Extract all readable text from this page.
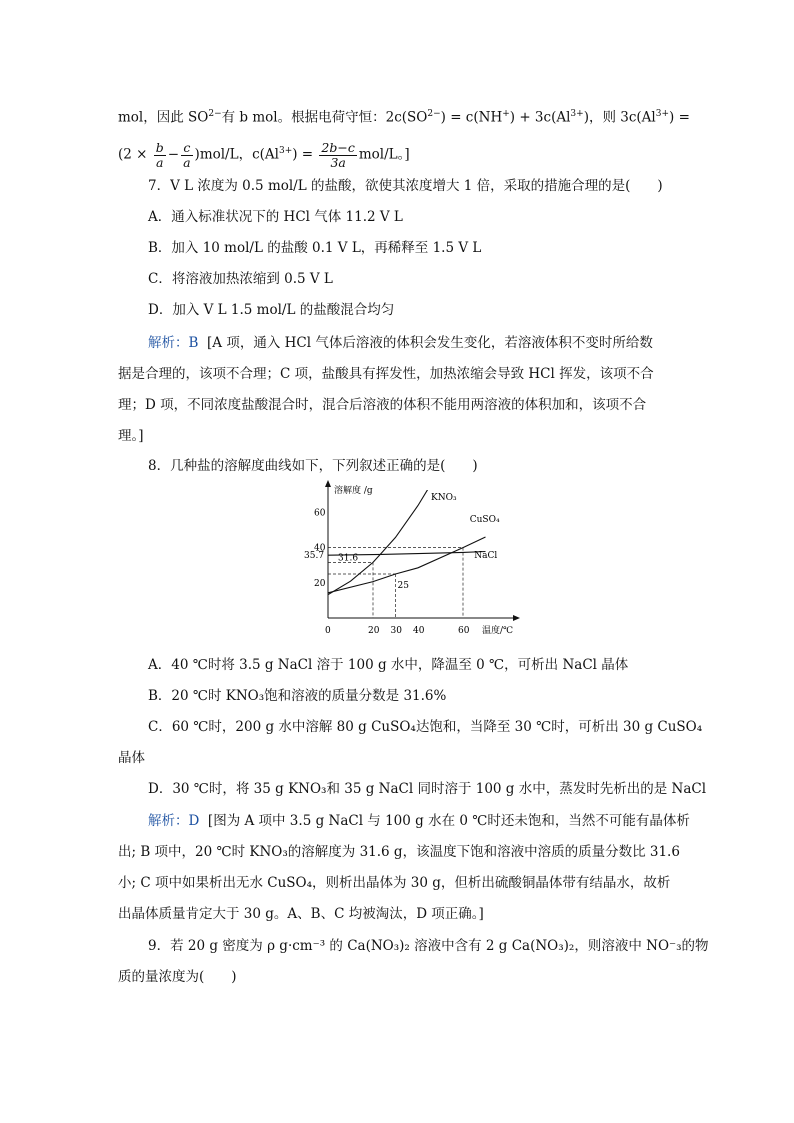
mol，因此 $SO^{2-}$有 b mol。根据电荷守恒：$2c(SO^{2-}) = c(NH^+) + 3c(Al^{3+})$，则 $3c(Al^{3+})$ =
$(2 \times \frac{b}{a} - \frac{c}{a} )mol/L$，$c(Al^{3+}) = \frac{2b-c}{3a} mol/L$。]
7．V L 浓度为 0.5 mol/L 的盐酸，欲使其浓度增大 1 倍，采取的措施合理的是(　　)
A．通入标准状况下的 HCl 气体 11.2 V L
B．加入 10 mol/L 的盐酸 0.1 V L，再稀释至 1.5 V L
C．将溶液加热浓缩到 0.5 V L
D．加入 V L 1.5 mol/L 的盐酸混合均匀
解析：B [A 项，通入 HCl 气体后溶液的体积会发生变化，若溶液体积不变时所给数
据是合理的，该项不合理；C 项，盐酸具有挥发性，加热浓缩会导致 HCl 挥发，该项不合
理；D 项，不同浓度盐酸混合时，混合后溶液的体积不能用两溶液的体积加和，该项不合
理。]
8．几种盐的溶解度曲线如下，下列叙述正确的是(　　)
溶解度 /g
温度/℃
0	20 30 40	60
20
35.7
40
60
KNO₃
CuSO₄
NaCl
31.6
25
A．40 ℃时将 3.5 g NaCl 溶于 100 g 水中，降温至 0 ℃，可析出 NaCl 晶体
B．20 ℃时 KNO₃饱和溶液的质量分数是 31.6%
C．60 ℃时，200 g 水中溶解 80 g CuSO₄达饱和，当降至 30 ℃时，可析出 30 g CuSO₄
晶体
D．30 ℃时，将 35 g KNO₃和 35 g NaCl 同时溶于 100 g 水中，蒸发时先析出的是 NaCl
解析：D [图为 A 项中 3.5 g NaCl 与 100 g 水在 0 ℃时还未饱和，当然不可能有晶体析
出; B 项中，20 ℃时 KNO₃的溶解度为 31.6 g，该温度下饱和溶液中溶质的质量分数比 31.6
小; C 项中如果析出无水 CuSO₄，则析出晶体为 30 g，但析出硫酸铜晶体带有结晶水，故析
出晶体质量肯定大于 30 g。A、B、C 均被淘汰，D 项正确。]
9．若 20 g 密度为 ρ g·cm⁻³ 的 Ca(NO₃)₂ 溶液中含有 2 g Ca(NO₃)₂，则溶液中 NO⁻₃的物
质的量浓度为(　　)
